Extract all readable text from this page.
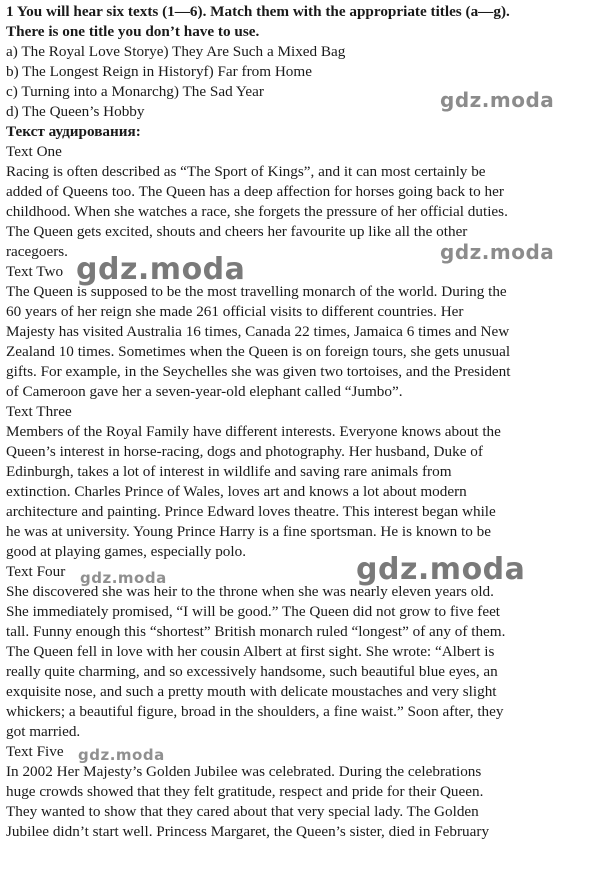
1 You will hear six texts (1—6). Match them with the appropriate titles (a—g).
There is one title you don’t have to use.
a) The Royal Love Storye) They Are Such a Mixed Bag
b) The Longest Reign in Historyf) Far from Home
c) Turning into a Monarchg) The Sad Year
d) The Queen’s Hobby
Текст аудирования:
Text One
Racing is often described as “The Sport of Kings”, and it can most certainly be
added of Queens too. The Queen has a deep affection for horses going back to her
childhood. When she watches a race, she forgets the pressure of her official duties.
The Queen gets excited, shouts and cheers her favourite up like all the other
racegoers.
Text Two
The Queen is supposed to be the most travelling monarch of the world. During the
60 years of her reign she made 261 official visits to different countries. Her
Majesty has visited Australia 16 times, Canada 22 times, Jamaica 6 times and New
Zealand 10 times. Sometimes when the Queen is on foreign tours, she gets unusual
gifts. For example, in the Seychelles she was given two tortoises, and the President
of Cameroon gave her a seven-year-old elephant called “Jumbo”.
Text Three
Members of the Royal Family have different interests. Everyone knows about the
Queen’s interest in horse-racing, dogs and photography. Her husband, Duke of
Edinburgh, takes a lot of interest in wildlife and saving rare animals from
extinction. Charles Prince of Wales, loves art and knows a lot about modern
architecture and painting. Prince Edward loves theatre. This interest began while
he was at university. Young Prince Harry is a fine sportsman. He is known to be
good at playing games, especially polo.
Text Four
She discovered she was heir to the throne when she was nearly eleven years old.
She immediately promised, “I will be good.” The Queen did not grow to five feet
tall. Funny enough this “shortest” British monarch ruled “longest” of any of them.
The Queen fell in love with her cousin Albert at first sight. She wrote: “Albert is
really quite charming, and so excessively handsome, such beautiful blue eyes, an
exquisite nose, and such a pretty mouth with delicate moustaches and very slight
whickers; a beautiful figure, broad in the shoulders, a fine waist.” Soon after, they
got married.
Text Five
In 2002 Her Majesty’s Golden Jubilee was celebrated. During the celebrations
huge crowds showed that they felt gratitude, respect and pride for their Queen.
They wanted to show that they cared about that very special lady. The Golden
Jubilee didn’t start well. Princess Margaret, the Queen’s sister, died in February
gdz.moda
gdz.moda
gdz.moda
gdz.moda
gdz.moda
gdz.moda
